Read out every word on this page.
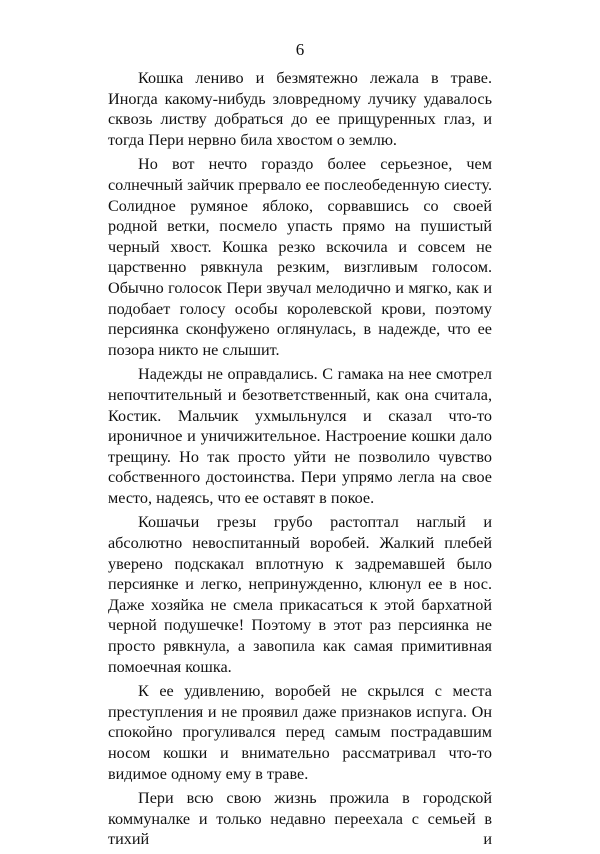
6

Кошка лениво и безмятежно лежала в траве. Иногда какому-нибудь зловредному лучику удавалось сквозь листву добраться до ее прищуренных глаз, и тогда Пери нервно била хвостом о землю.

Но вот нечто гораздо более серьезное, чем солнечный зайчик прервало ее послеобеденную сиесту. Солидное румяное яблоко, сорвавшись со своей родной ветки, посмело упасть прямо на пушистый черный хвост. Кошка резко вскочила и совсем не царственно рявкнула резким, визгливым голосом. Обычно голосок Пери звучал мелодично и мягко, как и подобает голосу особы королевской крови, поэтому персиянка сконфужено оглянулась, в надежде, что ее позора никто не слышит.

Надежды не оправдались. С гамака на нее смотрел непочтительный и безответственный, как она считала, Костик. Мальчик ухмыльнулся и сказал что-то ироничное и уничижительное. Настроение кошки дало трещину. Но так просто уйти не позволило чувство собственного достоинства. Пери упрямо легла на свое место, надеясь, что ее оставят в покое.

Кошачьи грезы грубо растоптал наглый и абсолютно невоспитанный воробей. Жалкий плебей уверено подскакал вплотную к задремавшей было персиянке и легко, непринужденно, клюнул ее в нос. Даже хозяйка не смела прикасаться к этой бархатной черной подушечке! Поэтому в этот раз персиянка не просто рявкнула, а завопила как самая примитивная помоечная кошка.

К ее удивлению, воробей не скрылся с места преступления и не проявил даже признаков испуга. Он спокойно прогуливался перед самым пострадавшим носом кошки и внимательно рассматривал что-то видимое одному ему в траве.

Пери всю свою жизнь прожила в городской коммуналке и только недавно переехала с семьей в тихий и
